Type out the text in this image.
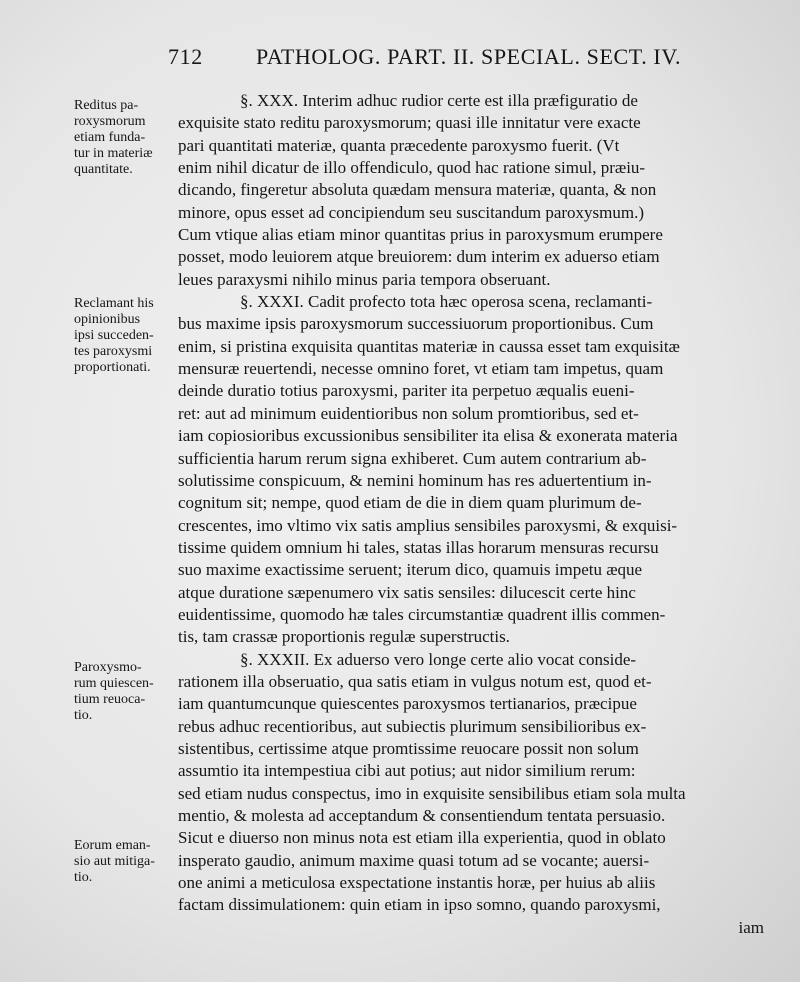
712 PATHOLOG. PART. II. SPECIAL. SECT. IV.
Reditus pa-
roxysmorum
etiam funda-
tur in materiæ
quantitate.
Reclamant his
opinionibus
ipsi succeden-
tes paroxysmi
proportionati.
Paroxysmo-
rum quiescen-
tium reuoca-
tio.
Eorum eman-
sio aut mitiga-
tio.
§. XXX. Interim adhuc rudior certe est illa præfiguratio de
exquisite stato reditu paroxysmorum; quasi ille innitatur vere exacte
pari quantitati materiæ, quanta præcedente paroxysmo fuerit. (Vt
enim nihil dicatur de illo offendiculo, quod hac ratione simul, præiu-
dicando, fingeretur absoluta quædam mensura materiæ, quanta, & non
minore, opus esset ad concipiendum seu suscitandum paroxysmum.)
Cum vtique alias etiam minor quantitas prius in paroxysmum erumpere
posset, modo leuiorem atque breuiorem: dum interim ex aduerso etiam
leues paraxysmi nihilo minus paria tempora obseruant.
§. XXXI. Cadit profecto tota hæc operosa scena, reclamanti-
bus maxime ipsis paroxysmorum successiuorum proportionibus. Cum
enim, si pristina exquisita quantitas materiæ in caussa esset tam exquisitæ
mensuræ reuertendi, necesse omnino foret, vt etiam tam impetus, quam
deinde duratio totius paroxysmi, pariter ita perpetuo æqualis eueni-
ret: aut ad minimum euidentioribus non solum promtioribus, sed et-
iam copiosioribus excussionibus sensibiliter ita elisa & exonerata materia
sufficientia harum rerum signa exhiberet. Cum autem contrarium ab-
solutissime conspicuum, & nemini hominum has res aduertentium in-
cognitum sit; nempe, quod etiam de die in diem quam plurimum de-
crescentes, imo vltimo vix satis amplius sensibiles paroxysmi, & exquisi-
tissime quidem omnium hi tales, statas illas horarum mensuras recursu
suo maxime exactissime seruent; iterum dico, quamuis impetu æque
atque duratione sæpenumero vix satis sensiles: dilucescit certe hinc
euidentissime, quomodo hæ tales circumstantiæ quadrent illis commen-
tis, tam crassæ proportionis regulæ superstructis.
§. XXXII. Ex aduerso vero longe certe alio vocat conside-
rationem illa obseruatio, qua satis etiam in vulgus notum est, quod et-
iam quantumcunque quiescentes paroxysmos tertianarios, præcipue
rebus adhuc recentioribus, aut subiectis plurimum sensibilioribus ex-
sistentibus, certissime atque promtissime reuocare possit non solum
assumtio ita intempestiua cibi aut potius; aut nidor similium rerum:
sed etiam nudus conspectus, imo in exquisite sensibilibus etiam sola multa
mentio, & molesta ad acceptandum & consentiendum tentata persuasio.
Sicut e diuerso non minus nota est etiam illa experientia, quod in oblato
insperato gaudio, animum maxime quasi totum ad se vocante; auersi-
one animi a meticulosa exspectatione instantis horæ, per huius ab aliis
factam dissimulationem: quin etiam in ipso somno, quando paroxysmi,
iam
